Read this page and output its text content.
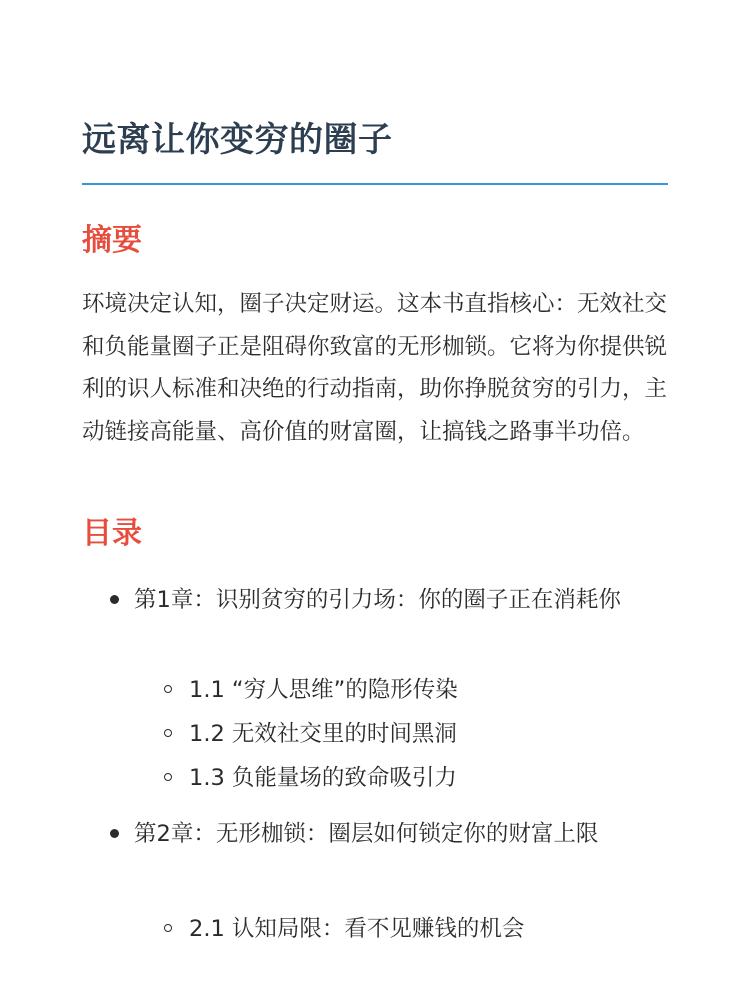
远离让你变穷的圈子
摘要

环境决定认知，圈子决定财运。这本书直指核心：无效社交和负能量圈子正是阻碍你致富的无形枷锁。它将为你提供锐利的识人标准和决绝的行动指南，助你挣脱贫穷的引力，主动链接高能量、高价值的财富圈，让搞钱之路事半功倍。

目录
第1章：识别贫穷的引力场：你的圈子正在消耗你
1.1 “穷人思维”的隐形传染
1.2 无效社交里的时间黑洞
1.3 负能量场的致命吸引力
第2章：无形枷锁：圈层如何锁定你的财富上限
2.1 认知局限：看不见赚钱的机会
